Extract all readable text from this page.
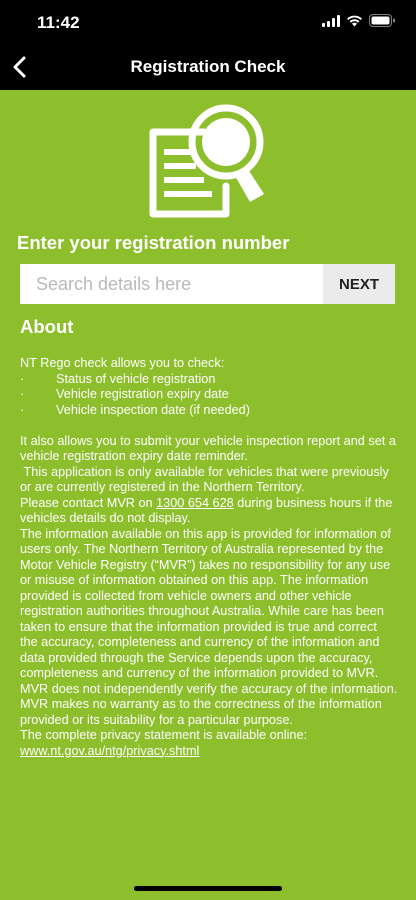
11:42
Registration Check
Enter your registration number
Search details here
NEXT
About

NT Rego check allows you to check:

·	Status of vehicle registration
·	Vehicle registration expiry date
·	Vehicle inspection date (if needed)

It also allows you to submit your vehicle inspection report and set a vehicle registration expiry date reminder.

This application is only available for vehicles that were previously or are currently registered in the Northern Territory.

Please contact MVR on 1300 654 628 during business hours if the vehicles details do not display.

The information available on this app is provided for information of users only. The Northern Territory of Australia represented by the Motor Vehicle Registry (“MVR”) takes no responsibility for any use or misuse of information obtained on this app. The information provided is collected from vehicle owners and other vehicle registration authorities throughout Australia. While care has been taken to ensure that the information provided is true and correct the accuracy, completeness and currency of the information and data provided through the Service depends upon the accuracy, completeness and currency of the information provided to MVR. MVR does not independently verify the accuracy of the information. MVR makes no warranty as to the correctness of the information provided or its suitability for a particular purpose.

The complete privacy statement is available online:

www.nt.gov.au/ntg/privacy.shtml
